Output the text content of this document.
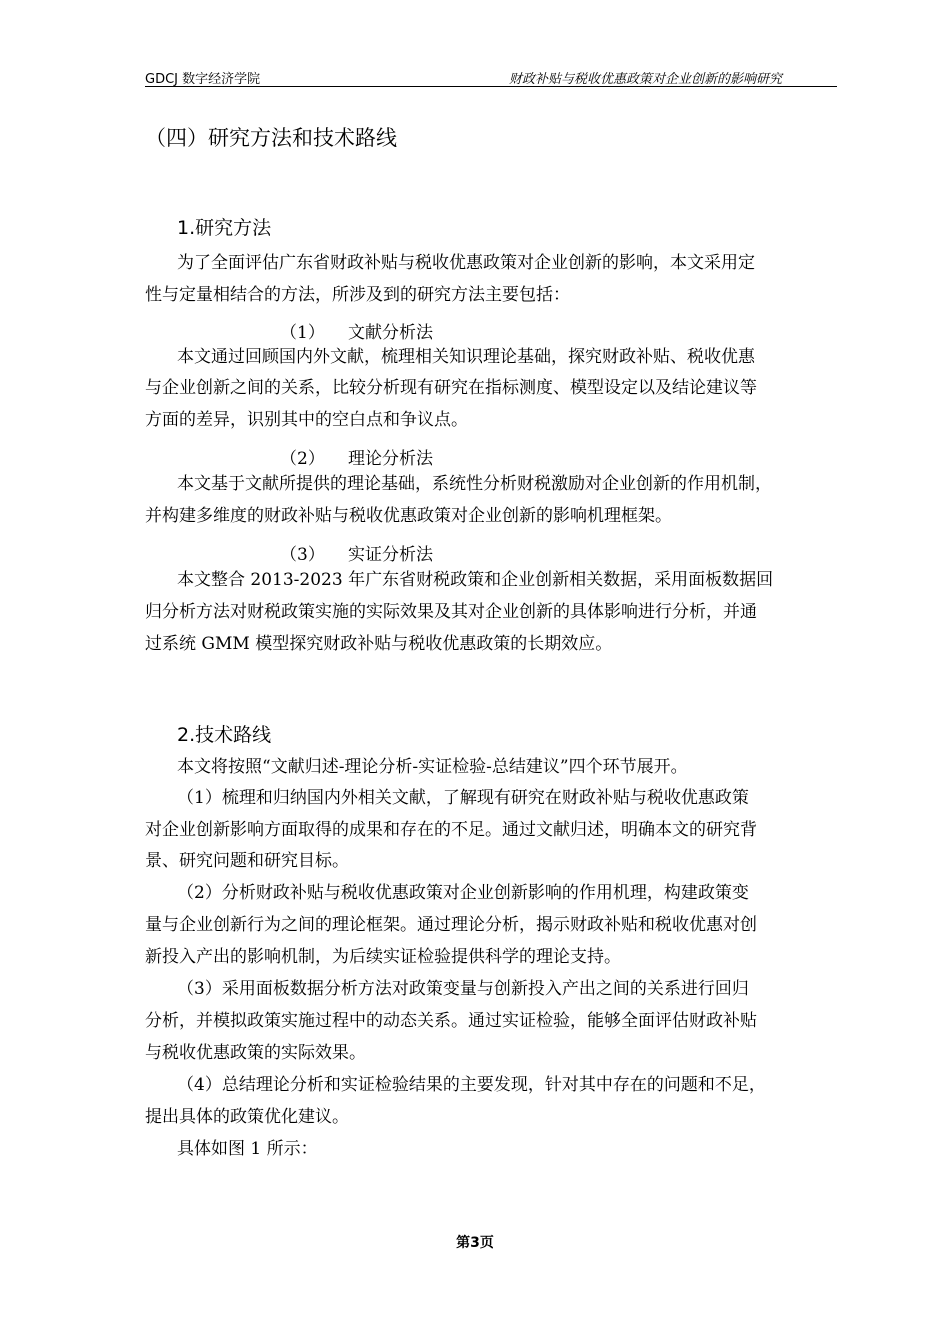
GDCJ 数字经济学院	财政补贴与税收优惠政策对企业创新的影响研究
（四）研究方法和技术路线
1.研究方法
为了全面评估广东省财政补贴与税收优惠政策对企业创新的影响，本文采用定
性与定量相结合的方法，所涉及到的研究方法主要包括：
（1） 文献分析法
本文通过回顾国内外文献，梳理相关知识理论基础，探究财政补贴、税收优惠
与企业创新之间的关系，比较分析现有研究在指标测度、模型设定以及结论建议等
方面的差异，识别其中的空白点和争议点。
（2） 理论分析法
本文基于文献所提供的理论基础，系统性分析财税激励对企业创新的作用机制，
并构建多维度的财政补贴与税收优惠政策对企业创新的影响机理框架。
（3） 实证分析法
本文整合 2013-2023 年广东省财税政策和企业创新相关数据，采用面板数据回
归分析方法对财税政策实施的实际效果及其对企业创新的具体影响进行分析，并通
过系统 GMM 模型探究财政补贴与税收优惠政策的长期效应。
2.技术路线
本文将按照“文献归述-理论分析-实证检验-总结建议”四个环节展开。
（1）梳理和归纳国内外相关文献，了解现有研究在财政补贴与税收优惠政策
对企业创新影响方面取得的成果和存在的不足。通过文献归述，明确本文的研究背
景、研究问题和研究目标。
（2）分析财政补贴与税收优惠政策对企业创新影响的作用机理，构建政策变
量与企业创新行为之间的理论框架。通过理论分析，揭示财政补贴和税收优惠对创
新投入产出的影响机制，为后续实证检验提供科学的理论支持。
（3）采用面板数据分析方法对政策变量与创新投入产出之间的关系进行回归
分析，并模拟政策实施过程中的动态关系。通过实证检验，能够全面评估财政补贴
与税收优惠政策的实际效果。
（4）总结理论分析和实证检验结果的主要发现，针对其中存在的问题和不足，
提出具体的政策优化建议。
具体如图 1 所示：
第3页
